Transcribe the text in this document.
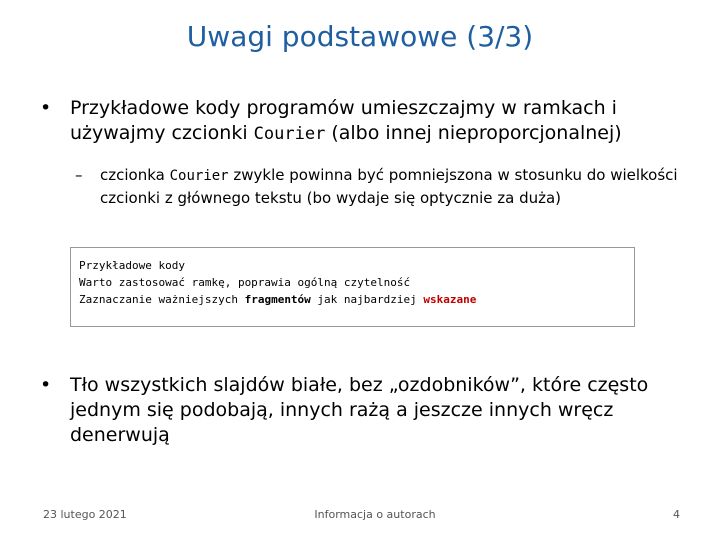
Uwagi podstawowe (3/3)
• Przykładowe kody programów umieszczajmy w ramkach i używajmy czcionki Courier (albo innej nieproporcjonalnej)
– czcionka Courier zwykle powinna być pomniejszona w stosunku do wielkości czcionki z głównego tekstu (bo wydaje się optycznie za duża)
Przykładowe kody
Warto zastosować ramkę, poprawia ogólną czytelność
Zaznaczanie ważniejszych fragmentów jak najbardziej wskazane
• Tło wszystkich slajdów białe, bez „ozdobników”, które często jednym się podobają, innych rażą a jeszcze innych wręcz denerwują
23 lutego 2021	Informacja o autorach	4
